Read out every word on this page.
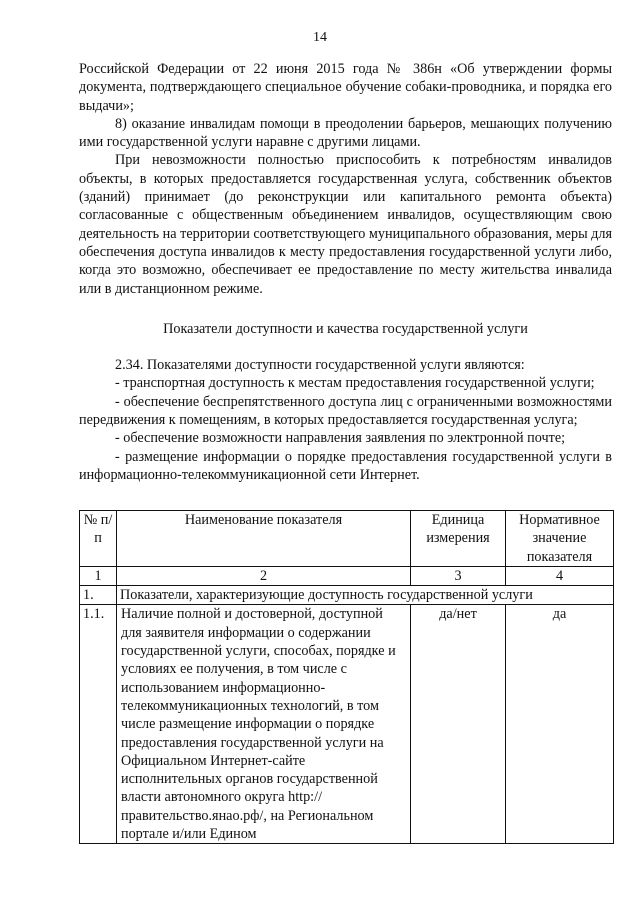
14

Российской Федерации от 22 июня 2015 года № 386н «Об утверждении формы документа, подтверждающего специальное обучение собаки-проводника, и порядка его выдачи»;

8) оказание инвалидам помощи в преодолении барьеров, мешающих получению ими государственной услуги наравне с другими лицами.

При невозможности полностью приспособить к потребностям инвалидов объекты, в которых предоставляется государственная услуга, собственник объектов (зданий) принимает (до реконструкции или капитального ремонта объекта) согласованные с общественным объединением инвалидов, осуществляющим свою деятельность на территории соответствующего муниципального образования, меры для обеспечения доступа инвалидов к месту предоставления государственной услуги либо, когда это возможно, обеспечивает ее предоставление по месту жительства инвалида или в дистанционном режиме.

Показатели доступности и качества государственной услуги

2.34. Показателями доступности государственной услуги являются:

- транспортная доступность к местам предоставления государственной услуги;

- обеспечение беспрепятственного доступа лиц с ограниченными возможностями передвижения к помещениям, в которых предоставляется государственная услуга;

- обеспечение возможности направления заявления по электронной почте;

- размещение информации о порядке предоставления государственной услуги в информационно-телекоммуникационной сети Интернет.

№ п/п	Наименование показателя	Единица измерения	Нормативное значение показателя
1	2	3	4
1.	Показатели, характеризующие доступность государственной услуги		
1.1.	Наличие полной и достоверной, доступной для заявителя информации о содержании государственной услуги, способах, порядке и условиях ее получения, в том числе с использованием информационно-телекоммуникационных технологий, в том числе размещение информации о порядке предоставления государственной услуги на Официальном Интернет-сайте исполнительных органов государственной власти автономного округа http://правительство.янао.рф/, на Региональном портале и/или Едином	да/нет	да
